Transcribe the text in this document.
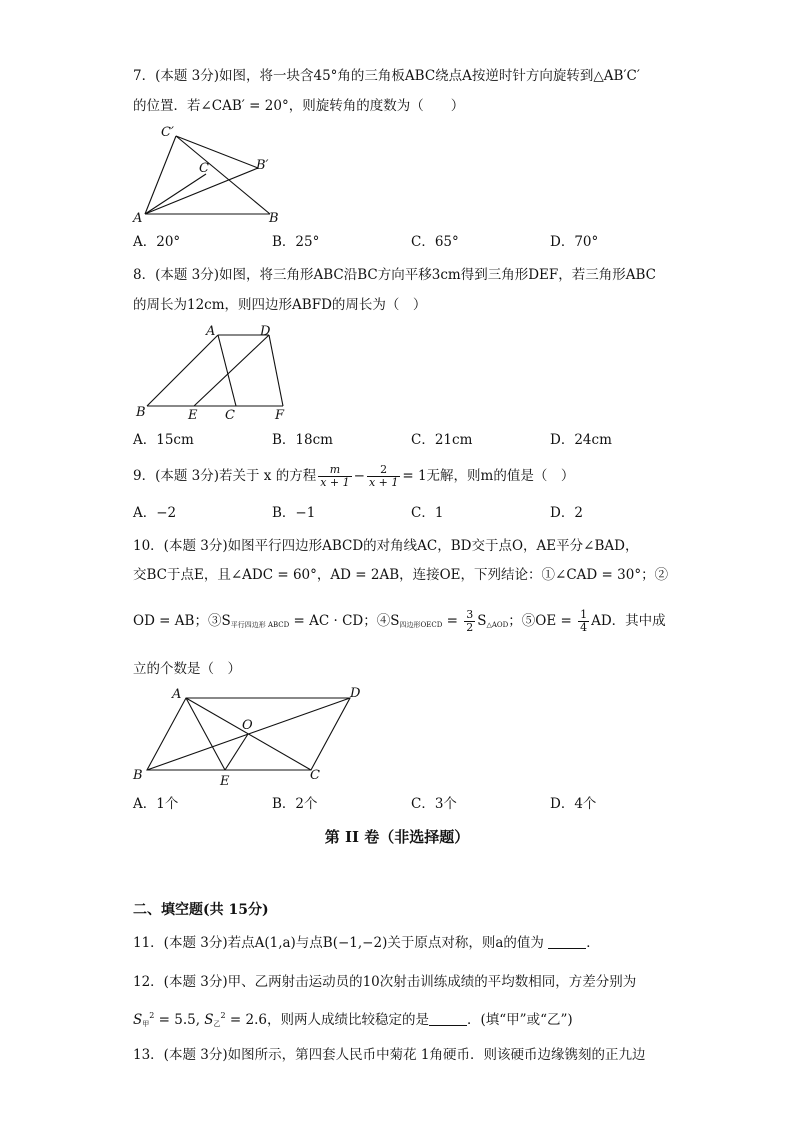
7．(本题 3分)如图，将一块含45°角的三角板ABC绕点A按逆时针方向旋转到△AB′C′
的位置．若∠CAB′ = 20°，则旋转角的度数为（　　）
C′
C	B′
A	B
A．20°	B．25°	C．65°	D．70°
8．(本题 3分)如图，将三角形ABC沿BC方向平移3cm得到三角形DEF，若三角形ABC
的周长为12cm，则四边形ABFD的周长为（　）
A	D
B	E C	F
A．15cm	B．18cm	C．21cm	D．24cm
9．(本题 3分)若关于 x 的方程 $\frac{m}{x + 1} - \frac{2}{x + 1} = 1$无解，则m的值是（　）
A．−2	B．−1	C．1	D．2
10．(本题 3分)如图平行四边形ABCD的对角线AC，BD交于点O，AE平分∠BAD，
交BC于点E，且∠ADC = 60°，AD = 2AB，连接OE，下列结论：①∠CAD = 30°；②
OD = AB；$③S_{平行四边形 ABCD}$ = AC · CD；$④S_{四边形OECD} = \frac{3}{2} S_{\triangle AOD}$；⑤OE = $\frac{1}{4}$ AD．其中成
立的个数是（　）
A	D
O
B	E	C
A．1个	B．2个	C．3个	D．4个
第 II 卷（非选择题）
二、填空题(共 15分)
11．(本题 3分)若点A(1,a)与点B(−1,−2)关于原点对称，则a的值为	．
12．(本题 3分)甲、乙两射击运动员的10次射击训练成绩的平均数相同，方差分别为
$S_甲^2 = 5.5$, $S_乙^2 = 2.6$，则两人成绩比较稳定的是	．(填“甲”或“乙”)
13．(本题 3分)如图所示，第四套人民币中菊花 1角硬币．则该硬币边缘镌刻的正九边
